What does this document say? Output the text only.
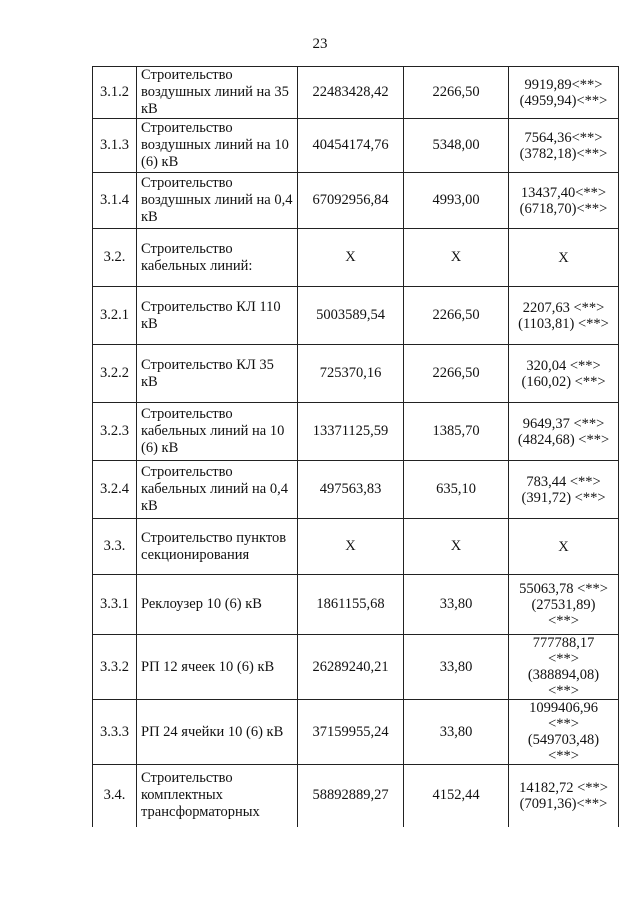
23
3.1.2	Строительство воздушных линий на 35 кВ	22483428,42	2266,50	9919,89<**>
(4959,94)<**>

3.1.3	Строительство воздушных линий на 10 (6) кВ	40454174,76	5348,00	7564,36<**>
(3782,18)<**>

3.1.4	Строительство воздушных линий на 0,4 кВ	67092956,84	4993,00	13437,40<**>
(6718,70)<**>

3.2.	Строительство кабельных линий:	X	X	X

3.2.1	Строительство КЛ 110 кВ	5003589,54	2266,50	2207,63 <**>
(1103,81) <**>

3.2.2	Строительство КЛ 35 кВ	725370,16	2266,50	320,04 <**>
(160,02) <**>

3.2.3	Строительство кабельных линий на 10 (6) кВ	13371125,59	1385,70	9649,37 <**>
(4824,68) <**>

3.2.4	Строительство кабельных линий на 0,4 кВ	497563,83	635,10	783,44 <**>
(391,72) <**>

3.3.	Строительство пунктов секционирования	X	X	X

3.3.1	Реклоузер 10 (6) кВ	1861155,68	33,80	55063,78 <**>
(27531,89)
<**>

3.3.2	РП 12 ячеек 10 (6) кВ	26289240,21	33,80	777788,17
<**>
(388894,08)
<**>

3.3.3	РП 24 ячейки 10 (6) кВ	37159955,24	33,80	1099406,96
<**>
(549703,48)
<**>

3.4.	Строительство комплектных трансформаторных	58892889,27	4152,44	14182,72 <**>
(7091,36)<**>
